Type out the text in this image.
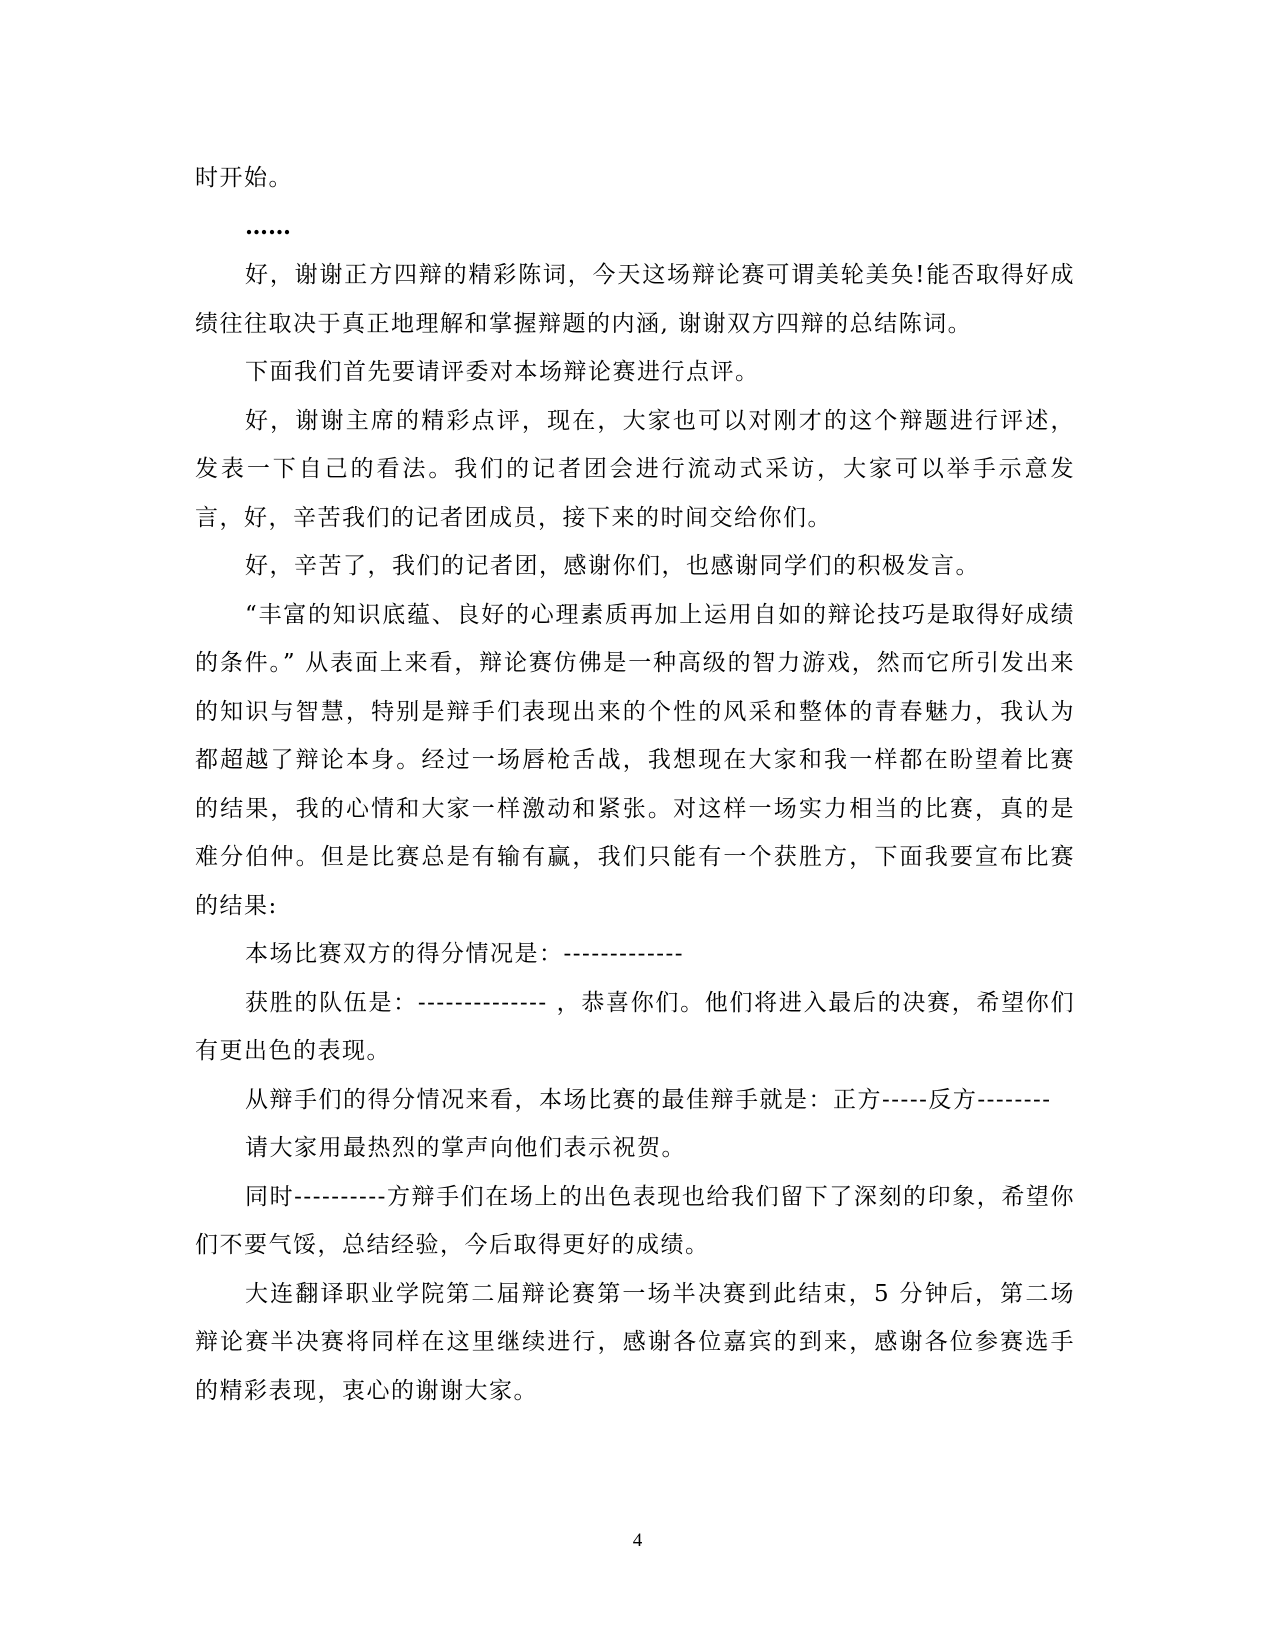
时开始。

……

好，谢谢正方四辩的精彩陈词，今天这场辩论赛可谓美轮美奂!能否取得好成绩往往取决于真正地理解和掌握辩题的内涵, 谢谢双方四辩的总结陈词。

下面我们首先要请评委对本场辩论赛进行点评。

好，谢谢主席的精彩点评，现在，大家也可以对刚才的这个辩题进行评述，发表一下自己的看法。我们的记者团会进行流动式采访，大家可以举手示意发言，好，辛苦我们的记者团成员，接下来的时间交给你们。

好，辛苦了，我们的记者团，感谢你们，也感谢同学们的积极发言。

“丰富的知识底蕴、良好的心理素质再加上运用自如的辩论技巧是取得好成绩的条件。” 从表面上来看，辩论赛仿佛是一种高级的智力游戏，然而它所引发出来的知识与智慧，特别是辩手们表现出来的个性的风采和整体的青春魅力，我认为都超越了辩论本身。经过一场唇枪舌战，我想现在大家和我一样都在盼望着比赛的结果，我的心情和大家一样激动和紧张。对这样一场实力相当的比赛，真的是难分伯仲。但是比赛总是有输有赢，我们只能有一个获胜方，下面我要宣布比赛的结果:

本场比赛双方的得分情况是：-------------

获胜的队伍是：-------------- ，恭喜你们。他们将进入最后的决赛，希望你们有更出色的表现。

从辩手们的得分情况来看，本场比赛的最佳辩手就是：正方-----反方--------

请大家用最热烈的掌声向他们表示祝贺。

同时----------方辩手们在场上的出色表现也给我们留下了深刻的印象，希望你们不要气馁，总结经验，今后取得更好的成绩。

大连翻译职业学院第二届辩论赛第一场半决赛到此结束，5 分钟后，第二场辩论赛半决赛将同样在这里继续进行，感谢各位嘉宾的到来，感谢各位参赛选手的精彩表现，衷心的谢谢大家。

4
